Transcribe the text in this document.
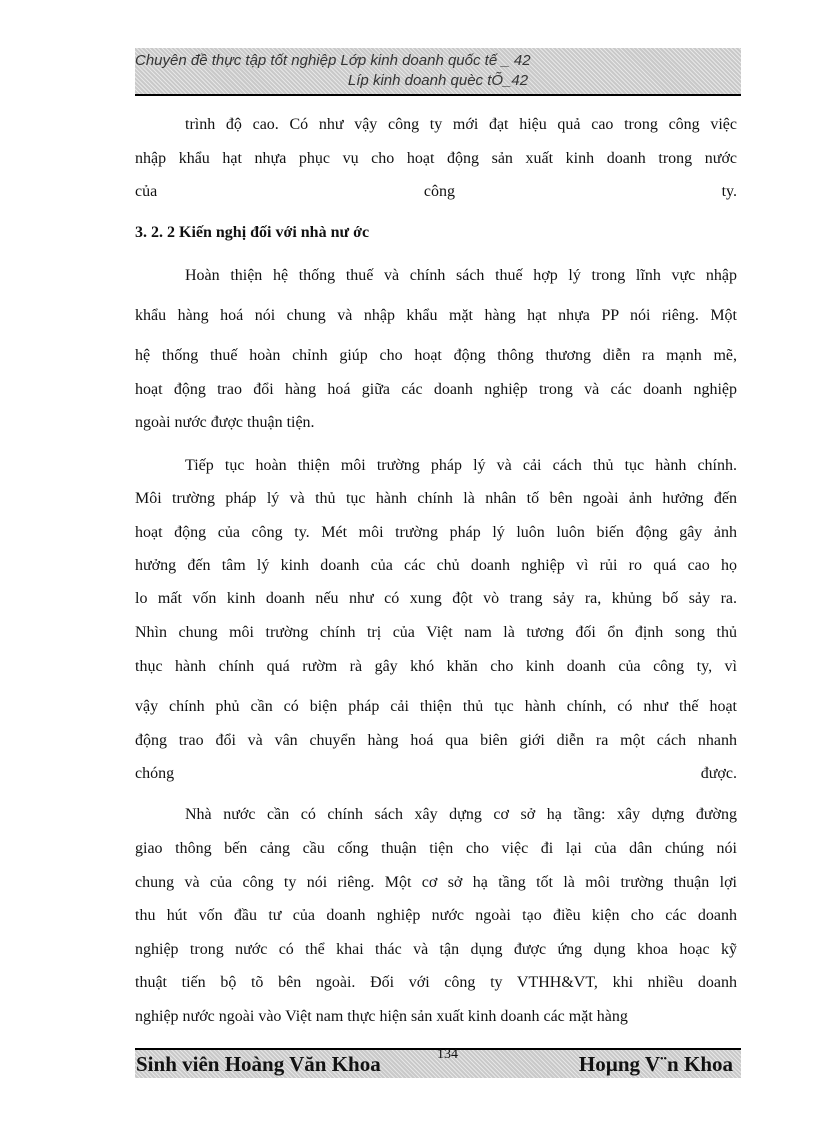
Chuyên đề thực tập tốt nghiệp Lớp kinh doanh quốc tế _ 42
Líp kinh doanh quèc tÕ_42
trình độ cao. Có như vậy công ty mới đạt hiệu quả cao trong công việc
nhập khẩu hạt nhựa phục vụ cho hoạt động sản xuất kinh doanh trong nước
của công ty.
3. 2. 2 Kiến nghị đối với nhà nư ớc
Hoàn thiện hệ thống thuế và chính sách thuế hợp lý trong lĩnh vực nhập
khẩu hàng hoá nói chung và nhập khẩu mặt hàng hạt nhựa PP nói riêng. Một
hệ thống thuế hoàn chỉnh giúp cho hoạt động thông thương diễn ra mạnh mẽ,
hoạt động trao đổi hàng hoá giữa các doanh nghiệp trong và các doanh nghiệp
ngoài nước được thuận tiện.
Tiếp tục hoàn thiện môi trường pháp lý và cải cách thủ tục hành chính.
Môi trường pháp lý và thủ tục hành chính là nhân tố bên ngoài ảnh hưởng đến
hoạt động của công ty. Mét môi trường pháp lý luôn luôn biến động gây ảnh
hưởng đến tâm lý kinh doanh của các chủ doanh nghiệp vì rủi ro quá cao họ
lo mất vốn kinh doanh nếu như có xung đột vò trang sảy ra, khủng bố sảy ra.
Nhìn chung môi trường chính trị của Việt nam là tương đối ổn định song thủ
thục hành chính quá rườm rà gây khó khăn cho kinh doanh của công ty, vì
vậy chính phủ cần có biện pháp cải thiện thủ tục hành chính, có như thế hoạt
động trao đổi và vân chuyển hàng hoá qua biên giới diễn ra một cách nhanh
chóng được.
Nhà nước cần có chính sách xây dựng cơ sở hạ tầng: xây dựng đường
giao thông bến cảng cầu cống thuận tiện cho việc đi lại của dân chúng nói
chung và của công ty nói riêng. Một cơ sở hạ tầng tốt là môi trường thuận lợi
thu hút vốn đầu tư của doanh nghiệp nước ngoài tạo điều kiện cho các doanh
nghiệp trong nước có thể khai thác và tận dụng được ứng dụng khoa hoạc kỹ
thuật tiến bộ tõ bên ngoài. Đối với công ty VTHH&VT, khi nhiều doanh
nghiệp nước ngoài vào Việt nam thực hiện sản xuất kinh doanh các mặt hàng
Sinh viên Hoàng Văn Khoa	134	Hoµng V¨n Khoa
